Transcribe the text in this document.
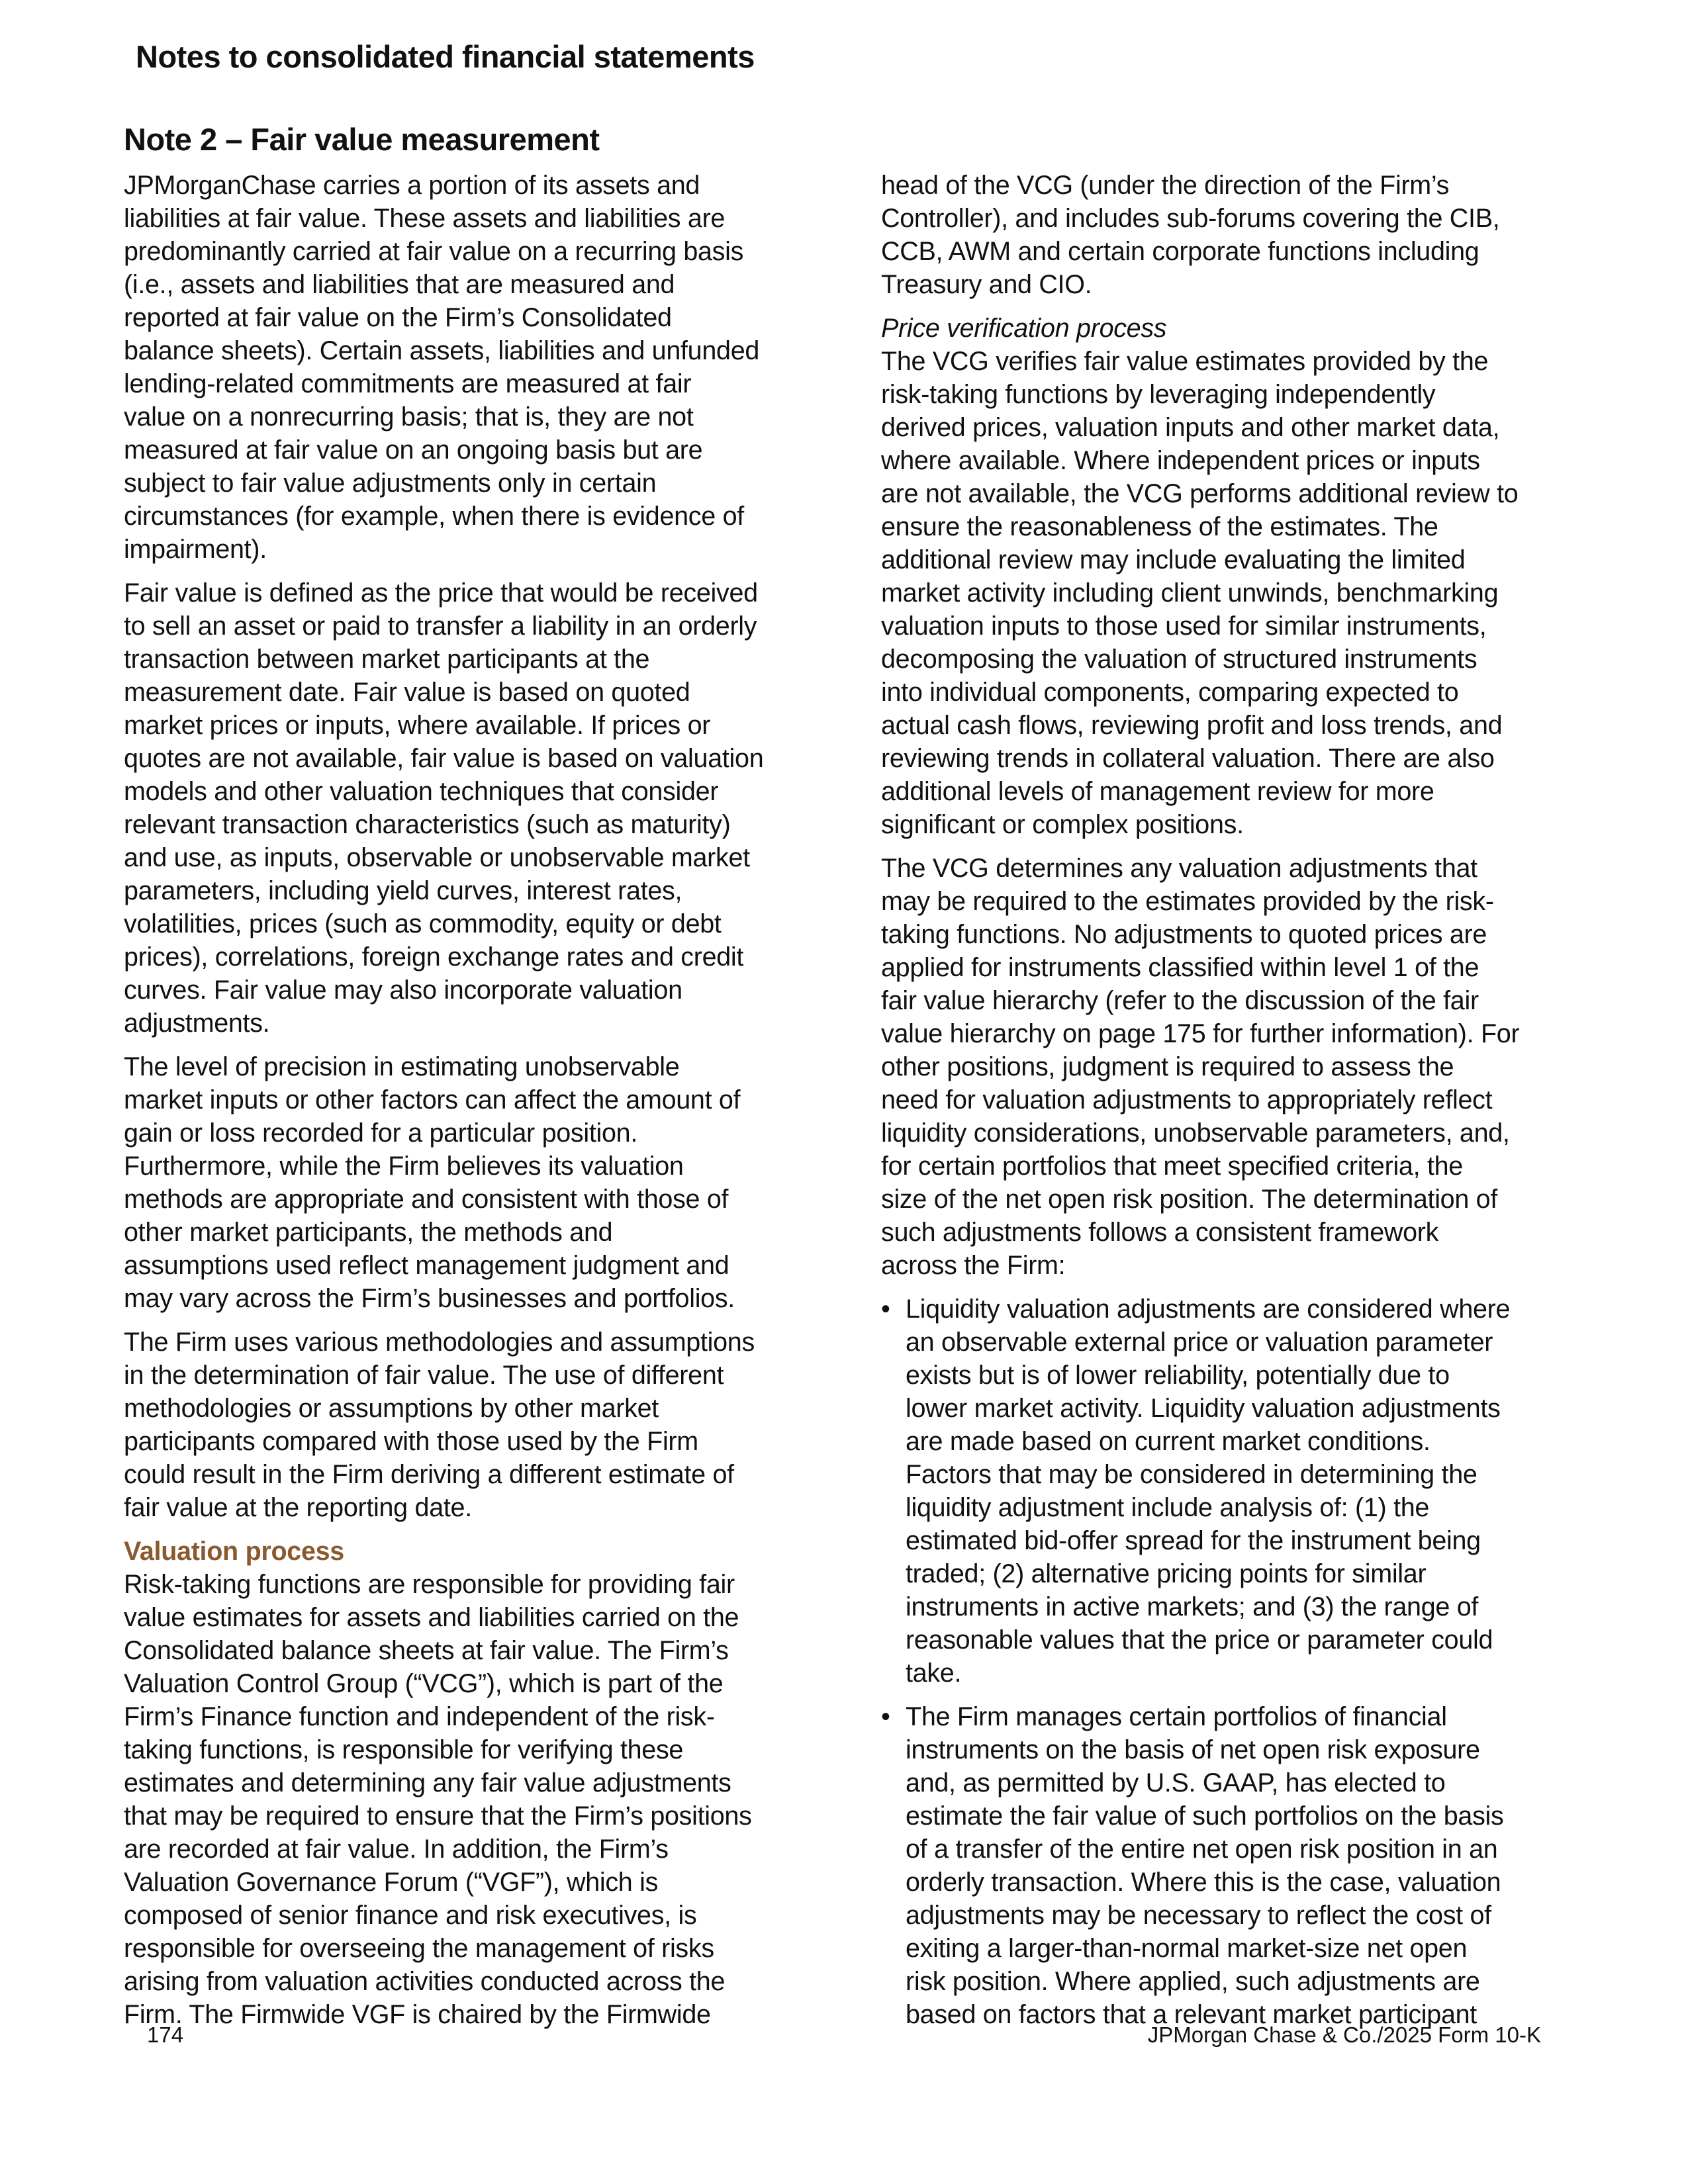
Notes to consolidated financial statements
Note 2 – Fair value measurement

JPMorganChase carries a portion of its assets and
liabilities at fair value. These assets and liabilities are
predominantly carried at fair value on a recurring basis
(i.e., assets and liabilities that are measured and
reported at fair value on the Firm’s Consolidated
balance sheets). Certain assets, liabilities and unfunded
lending-related commitments are measured at fair
value on a nonrecurring basis; that is, they are not
measured at fair value on an ongoing basis but are
subject to fair value adjustments only in certain
circumstances (for example, when there is evidence of
impairment).

Fair value is defined as the price that would be received
to sell an asset or paid to transfer a liability in an orderly
transaction between market participants at the
measurement date. Fair value is based on quoted
market prices or inputs, where available. If prices or
quotes are not available, fair value is based on valuation
models and other valuation techniques that consider
relevant transaction characteristics (such as maturity)
and use, as inputs, observable or unobservable market
parameters, including yield curves, interest rates,
volatilities, prices (such as commodity, equity or debt
prices), correlations, foreign exchange rates and credit
curves. Fair value may also incorporate valuation
adjustments.

The level of precision in estimating unobservable
market inputs or other factors can affect the amount of
gain or loss recorded for a particular position.
Furthermore, while the Firm believes its valuation
methods are appropriate and consistent with those of
other market participants, the methods and
assumptions used reflect management judgment and
may vary across the Firm’s businesses and portfolios.

The Firm uses various methodologies and assumptions
in the determination of fair value. The use of different
methodologies or assumptions by other market
participants compared with those used by the Firm
could result in the Firm deriving a different estimate of
fair value at the reporting date.

Valuation process
Risk-taking functions are responsible for providing fair
value estimates for assets and liabilities carried on the
Consolidated balance sheets at fair value. The Firm’s
Valuation Control Group (“VCG”), which is part of the
Firm’s Finance function and independent of the risk-
taking functions, is responsible for verifying these
estimates and determining any fair value adjustments
that may be required to ensure that the Firm’s positions
are recorded at fair value. In addition, the Firm’s
Valuation Governance Forum (“VGF”), which is
composed of senior finance and risk executives, is
responsible for overseeing the management of risks
arising from valuation activities conducted across the
Firm. The Firmwide VGF is chaired by the Firmwide

head of the VCG (under the direction of the Firm’s
Controller), and includes sub-forums covering the CIB,
CCB, AWM and certain corporate functions including
Treasury and CIO.

Price verification process
The VCG verifies fair value estimates provided by the
risk-taking functions by leveraging independently
derived prices, valuation inputs and other market data,
where available. Where independent prices or inputs
are not available, the VCG performs additional review to
ensure the reasonableness of the estimates. The
additional review may include evaluating the limited
market activity including client unwinds, benchmarking
valuation inputs to those used for similar instruments,
decomposing the valuation of structured instruments
into individual components, comparing expected to
actual cash flows, reviewing profit and loss trends, and
reviewing trends in collateral valuation. There are also
additional levels of management review for more
significant or complex positions.

The VCG determines any valuation adjustments that
may be required to the estimates provided by the risk-
taking functions. No adjustments to quoted prices are
applied for instruments classified within level 1 of the
fair value hierarchy (refer to the discussion of the fair
value hierarchy on page 175 for further information). For
other positions, judgment is required to assess the
need for valuation adjustments to appropriately reflect
liquidity considerations, unobservable parameters, and,
for certain portfolios that meet specified criteria, the
size of the net open risk position. The determination of
such adjustments follows a consistent framework
across the Firm:

• Liquidity valuation adjustments are considered where
an observable external price or valuation parameter
exists but is of lower reliability, potentially due to
lower market activity. Liquidity valuation adjustments
are made based on current market conditions.
Factors that may be considered in determining the
liquidity adjustment include analysis of: (1) the
estimated bid-offer spread for the instrument being
traded; (2) alternative pricing points for similar
instruments in active markets; and (3) the range of
reasonable values that the price or parameter could
take.
• The Firm manages certain portfolios of financial
instruments on the basis of net open risk exposure
and, as permitted by U.S. GAAP, has elected to
estimate the fair value of such portfolios on the basis
of a transfer of the entire net open risk position in an
orderly transaction. Where this is the case, valuation
adjustments may be necessary to reflect the cost of
exiting a larger-than-normal market-size net open
risk position. Where applied, such adjustments are
based on factors that a relevant market participant
174	JPMorgan Chase & Co./2025 Form 10-K
